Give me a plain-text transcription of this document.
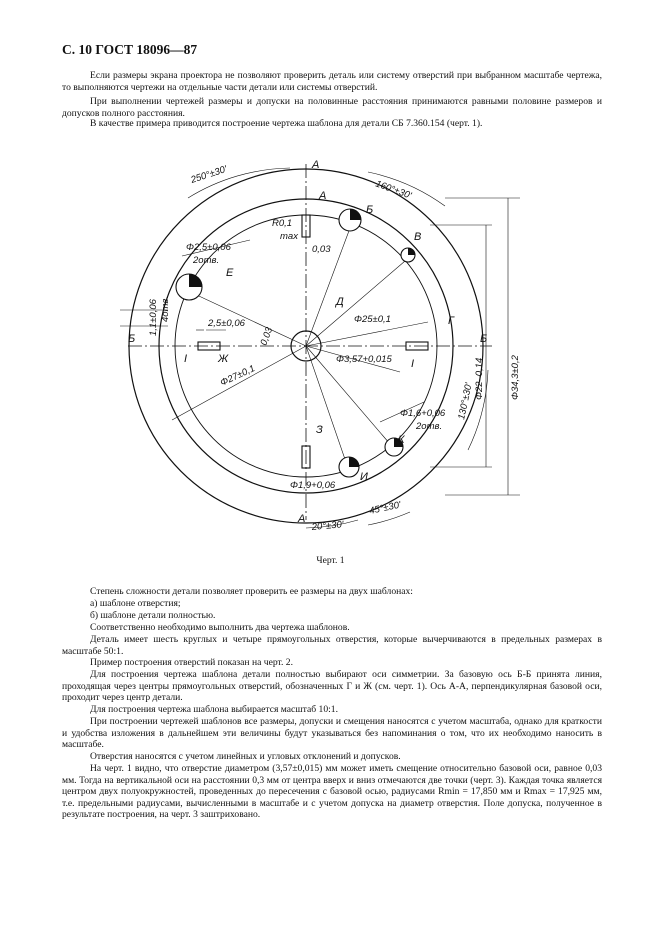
С. 10 ГОСТ 18096—87

Если размеры экрана проектора не позволяют проверить деталь или систему отверстий при выбранном масштабе чертежа, то выполняются чертежи на отдельные части детали или системы отверстий.

При выполнении чертежей размеры и допуски на половинные расстояния принимаются равными половине размеров и допусков полного расстояния.

В качестве примера приводится построение чертежа шаблона для детали СБ 7.360.154 (черт. 1).

А
А
А
Б
В
Д
Е
Г
Ж
З
И
К
Б	Б
I	I
250°±30'
160°±30'
130°±30'
45°±30'
20°±30'
R0,1
max
0,03
Φ2,5±0,06
2отв.
4отв.
1,1±0,06	2,5±0,06
0,03
Φ25±0,1
Φ3,57+0,015
Φ27±0,1
Φ1,6+0,06
2отв.
Φ1,9+0,06
Φ22–0,14	Φ34,3±0,2
Черт. 1

Степень сложности детали позволяет проверить ее размеры на двух шаблонах:

а) шаблоне отверстия;
б) шаблоне детали полностью.

Соответственно необходимо выполнить два чертежа шаблонов.

Деталь имеет шесть круглых и четыре прямоугольных отверстия, которые вычерчиваются в предельных размерах в масштабе 50:1.

Пример построения отверстий показан на черт. 2.

Для построения чертежа шаблона детали полностью выбирают оси симметрии. За базовую ось Б-Б принята линия, проходящая через центры прямоугольных отверстий, обозначенных Г и Ж (см. черт. 1). Ось А-А, перпендикулярная базовой оси, проходит через центр детали.

Для построения чертежа шаблона выбирается масштаб 10:1.

При построении чертежей шаблонов все размеры, допуски и смещения наносятся с учетом масштаба, однако для краткости и удобства изложения в дальнейшем эти величины будут указываться без напоминания о том, что их необходимо наносить в масштабе.

Отверстия наносятся с учетом линейных и угловых отклонений и допусков.

На черт. 1 видно, что отверстие диаметром (3,57±0,015) мм может иметь смещение относительно базовой оси, равное 0,03 мм. Тогда на вертикальной оси на расстоянии 0,3 мм от центра вверх и вниз отмечаются две точки (черт. 3). Каждая точка является центром двух полуокружностей, проведенных до пересечения с базовой осью, радиусами Rmin = 17,850 мм и Rmax = 17,925 мм, т.е. предельными радиусами, вычисленными в масштабе и с учетом допуска на диаметр отверстия. Поле допуска, полученное в результате построения, на черт. 3 заштриховано.
